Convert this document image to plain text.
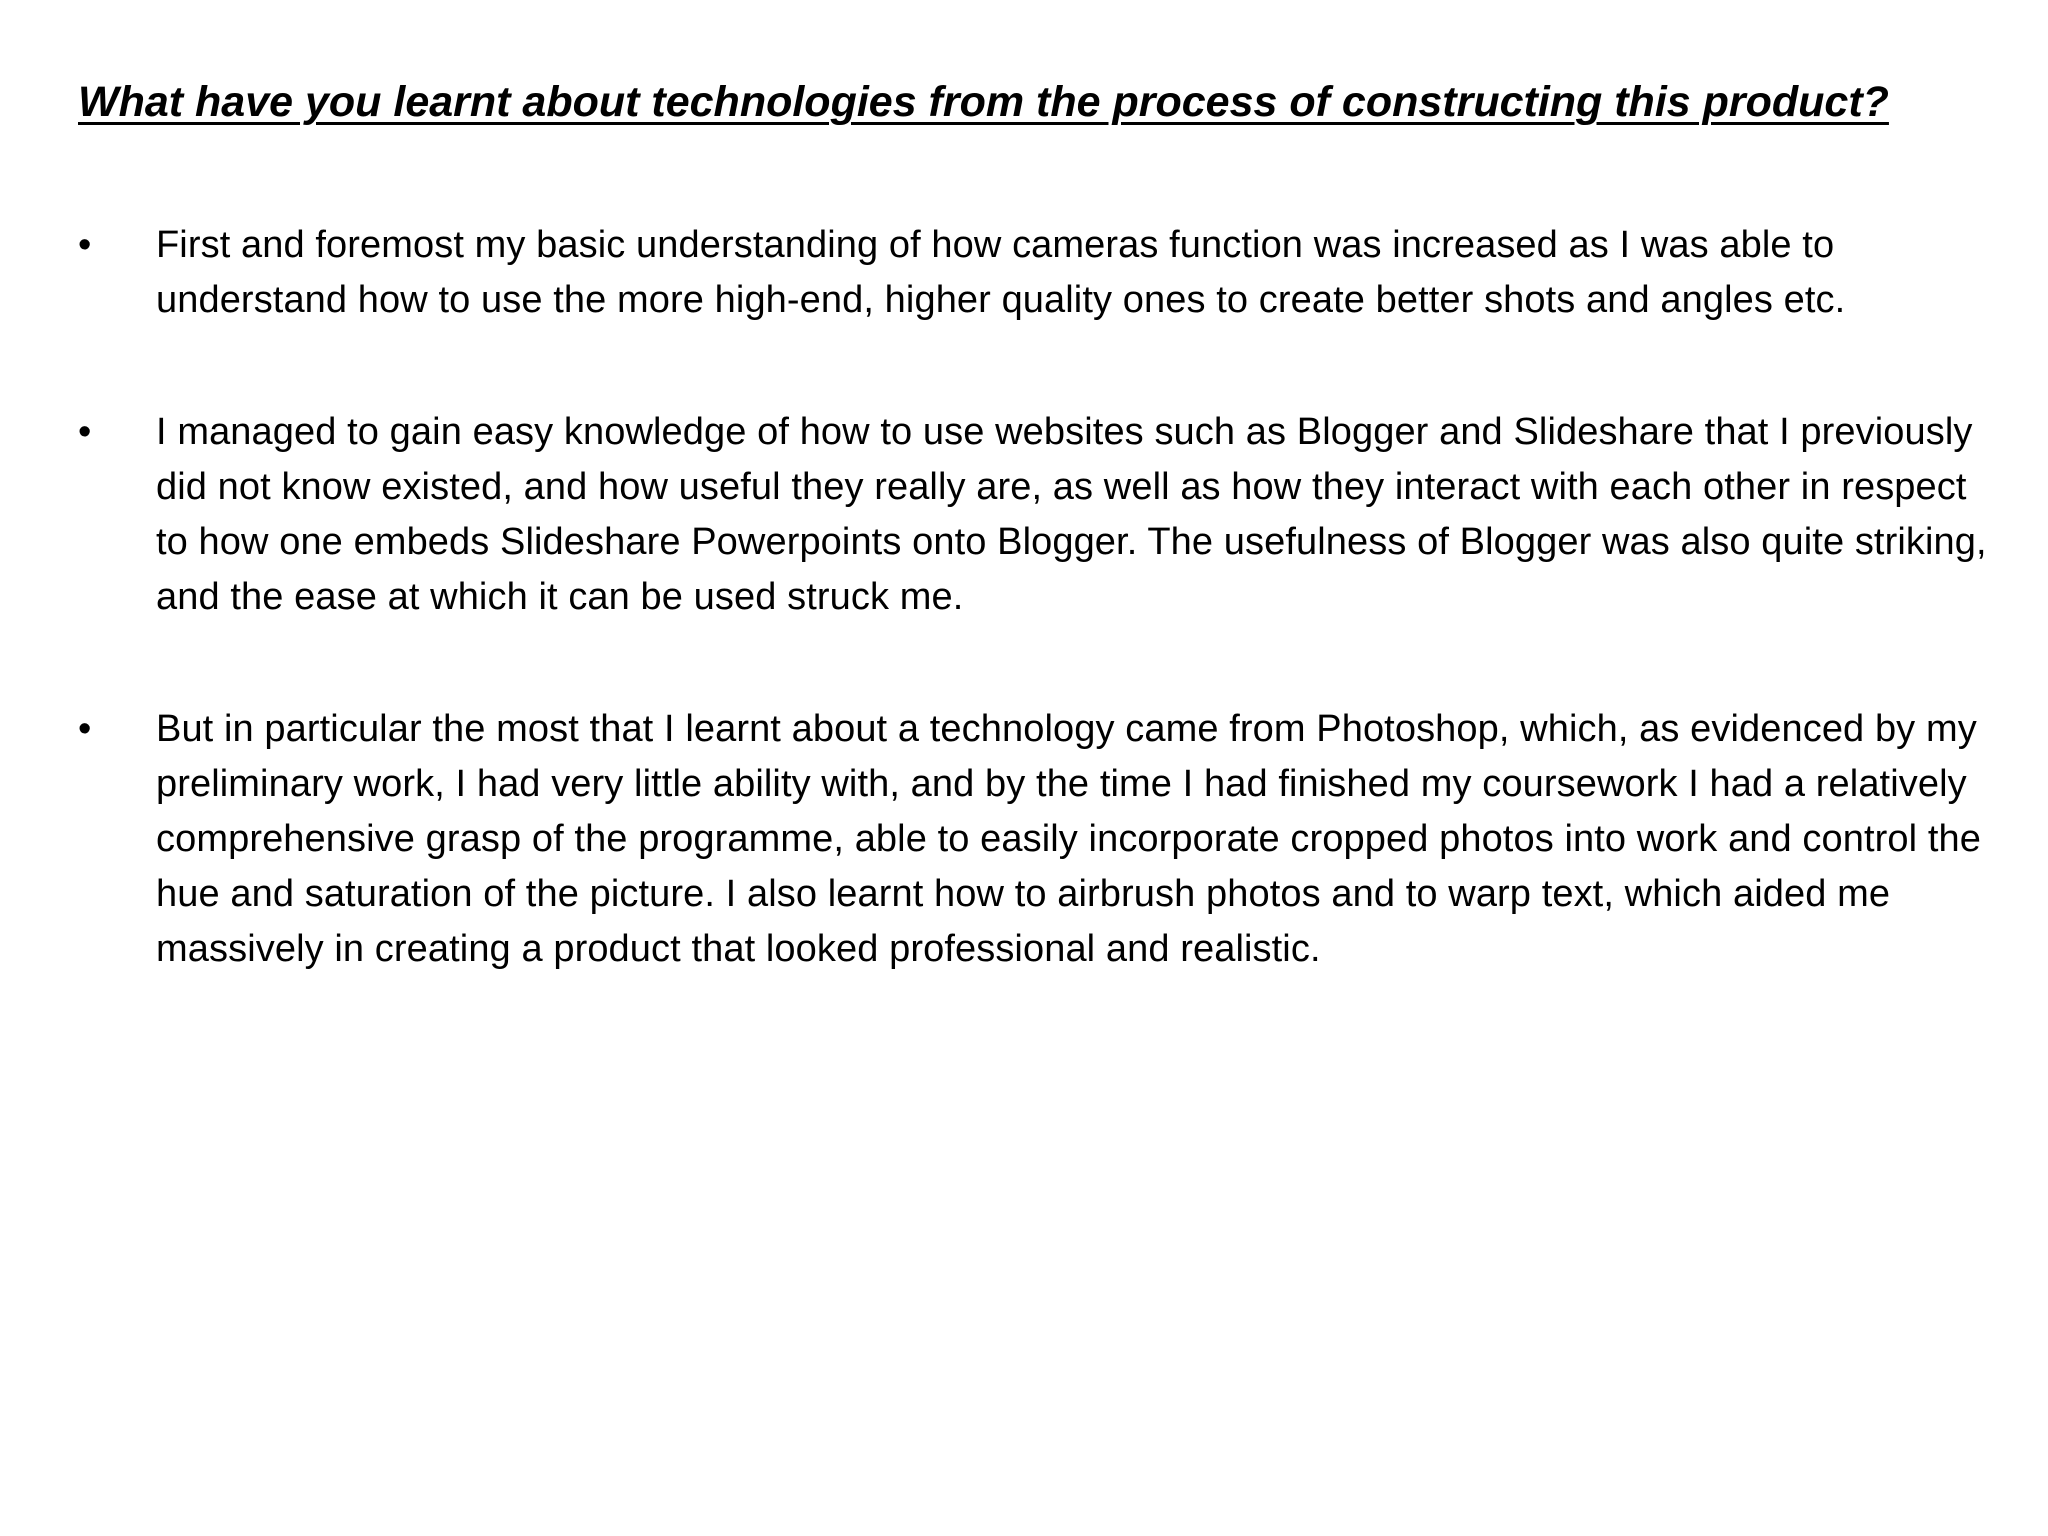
What have you learnt about technologies from the process of constructing this product?
•	First and foremost my basic understanding of how cameras function was increased as I was able to understand how to use the more high-end, higher quality ones to create better shots and angles etc.
•	I managed to gain easy knowledge of how to use websites such as Blogger and Slideshare that I previously did not know existed, and how useful they really are, as well as how they interact with each other in respect to how one embeds Slideshare Powerpoints onto Blogger. The usefulness of Blogger was also quite striking, and the ease at which it can be used struck me.
•	But in particular the most that I learnt about a technology came from Photoshop, which, as evidenced by my preliminary work, I had very little ability with, and by the time I had finished my coursework I had a relatively comprehensive grasp of the programme, able to easily incorporate cropped photos into work and control the hue and saturation of the picture. I also learnt how to airbrush photos and to warp text, which aided me massively in creating a product that looked professional and realistic.
